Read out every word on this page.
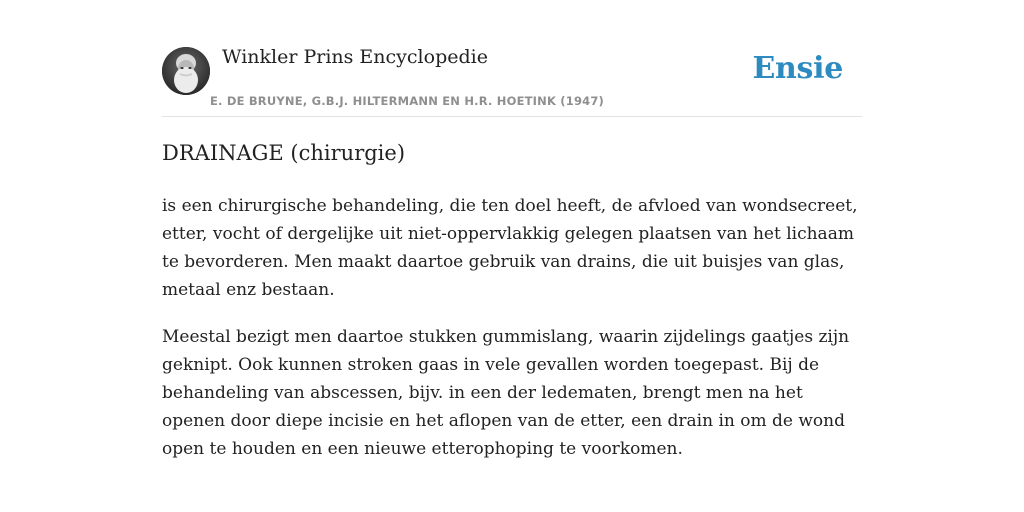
Winkler Prins Encyclopedie
E. DE BRUYNE, G.B.J. HILTERMANN EN H.R. HOETINK (1947)
Ensie
DRAINAGE (chirurgie)

is een chirurgische behandeling, die ten doel heeft, de afvloed van wondsecreet, etter, vocht of dergelijke uit niet-oppervlakkig gelegen plaatsen van het lichaam te bevorderen. Men maakt daartoe gebruik van drains, die uit buisjes van glas, metaal enz bestaan.

Meestal bezigt men daartoe stukken gummislang, waarin zijdelings gaatjes zijn geknipt. Ook kunnen stroken gaas in vele gevallen worden toegepast. Bij de behandeling van abscessen, bijv. in een der ledematen, brengt men na het openen door diepe incisie en het aflopen van de etter, een drain in om de wond open te houden en een nieuwe etterophoping te voorkomen.
